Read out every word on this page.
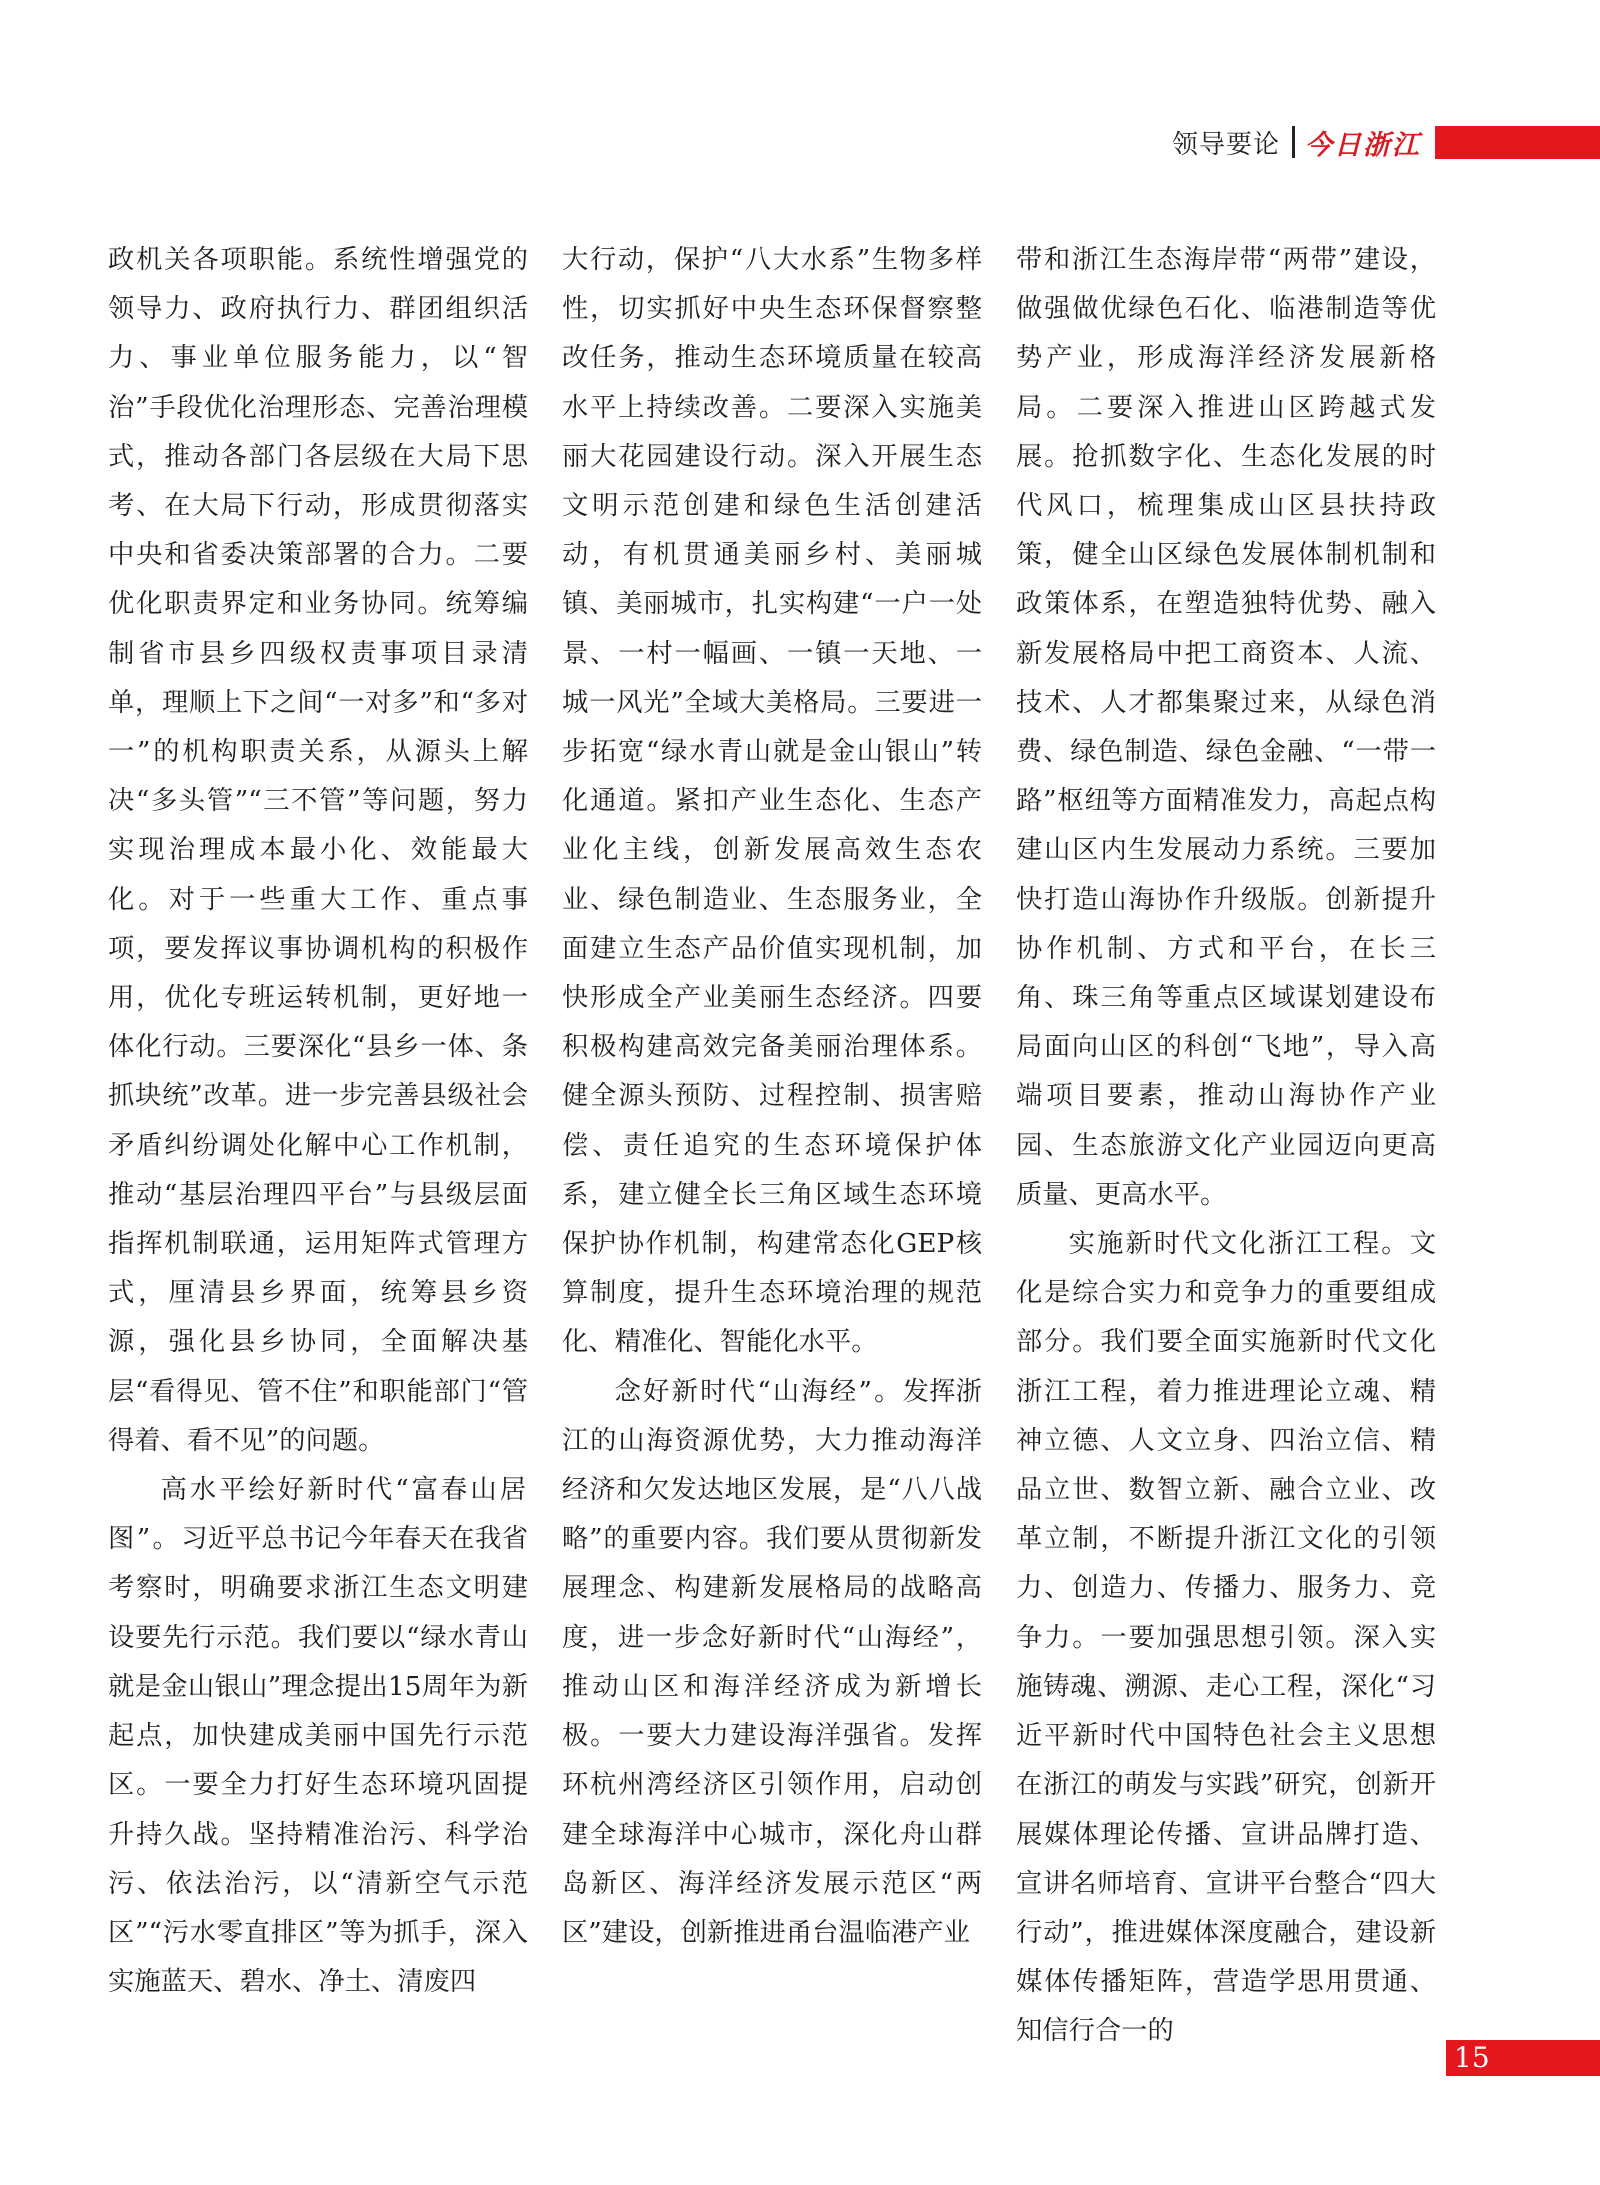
领导要论 今日浙江

政机关各项职能。系统性增强党的领导力、政府执行力、群团组织活力、事业单位服务能力，以“智治”手段优化治理形态、完善治理模式，推动各部门各层级在大局下思考、在大局下行动，形成贯彻落实中央和省委决策部署的合力。二要优化职责界定和业务协同。统筹编制省市县乡四级权责事项目录清单，理顺上下之间“一对多”和“多对一”的机构职责关系，从源头上解决“多头管”“三不管”等问题，努力实现治理成本最小化、效能最大化。对于一些重大工作、重点事项，要发挥议事协调机构的积极作用，优化专班运转机制，更好地一体化行动。三要深化“县乡一体、条抓块统”改革。进一步完善县级社会矛盾纠纷调处化解中心工作机制，推动“基层治理四平台”与县级层面指挥机制联通，运用矩阵式管理方式，厘清县乡界面，统筹县乡资源，强化县乡协同，全面解决基层“看得见、管不住”和职能部门“管得着、看不见”的问题。

高水平绘好新时代“富春山居图”。习近平总书记今年春天在我省考察时，明确要求浙江生态文明建设要先行示范。我们要以“绿水青山就是金山银山”理念提出15周年为新起点，加快建成美丽中国先行示范区。一要全力打好生态环境巩固提升持久战。坚持精准治污、科学治污、依法治污，以“清新空气示范区”“污水零直排区”等为抓手，深入实施蓝天、碧水、净土、清废四

大行动，保护“八大水系”生物多样性，切实抓好中央生态环保督察整改任务，推动生态环境质量在较高水平上持续改善。二要深入实施美丽大花园建设行动。深入开展生态文明示范创建和绿色生活创建活动，有机贯通美丽乡村、美丽城镇、美丽城市，扎实构建“一户一处景、一村一幅画、一镇一天地、一城一风光”全域大美格局。三要进一步拓宽“绿水青山就是金山银山”转化通道。紧扣产业生态化、生态产业化主线，创新发展高效生态农业、绿色制造业、生态服务业，全面建立生态产品价值实现机制，加快形成全产业美丽生态经济。四要积极构建高效完备美丽治理体系。健全源头预防、过程控制、损害赔偿、责任追究的生态环境保护体系，建立健全长三角区域生态环境保护协作机制，构建常态化GEP核算制度，提升生态环境治理的规范化、精准化、智能化水平。

念好新时代“山海经”。发挥浙江的山海资源优势，大力推动海洋经济和欠发达地区发展，是“八八战略”的重要内容。我们要从贯彻新发展理念、构建新发展格局的战略高度，进一步念好新时代“山海经”，推动山区和海洋经济成为新增长极。一要大力建设海洋强省。发挥环杭州湾经济区引领作用，启动创建全球海洋中心城市，深化舟山群岛新区、海洋经济发展示范区“两区”建设，创新推进甬台温临港产业

带和浙江生态海岸带“两带”建设，做强做优绿色石化、临港制造等优势产业，形成海洋经济发展新格局。二要深入推进山区跨越式发展。抢抓数字化、生态化发展的时代风口，梳理集成山区县扶持政策，健全山区绿色发展体制机制和政策体系，在塑造独特优势、融入新发展格局中把工商资本、人流、技术、人才都集聚过来，从绿色消费、绿色制造、绿色金融、“一带一路”枢纽等方面精准发力，高起点构建山区内生发展动力系统。三要加快打造山海协作升级版。创新提升协作机制、方式和平台，在长三角、珠三角等重点区域谋划建设布局面向山区的科创“飞地”，导入高端项目要素，推动山海协作产业园、生态旅游文化产业园迈向更高质量、更高水平。

实施新时代文化浙江工程。文化是综合实力和竞争力的重要组成部分。我们要全面实施新时代文化浙江工程，着力推进理论立魂、精神立德、人文立身、四治立信、精品立世、数智立新、融合立业、改革立制，不断提升浙江文化的引领力、创造力、传播力、服务力、竞争力。一要加强思想引领。深入实施铸魂、溯源、走心工程，深化“习近平新时代中国特色社会主义思想在浙江的萌发与实践”研究，创新开展媒体理论传播、宣讲品牌打造、宣讲名师培育、宣讲平台整合“四大行动”，推进媒体深度融合，建设新媒体传播矩阵，营造学思用贯通、知信行合一的

15
